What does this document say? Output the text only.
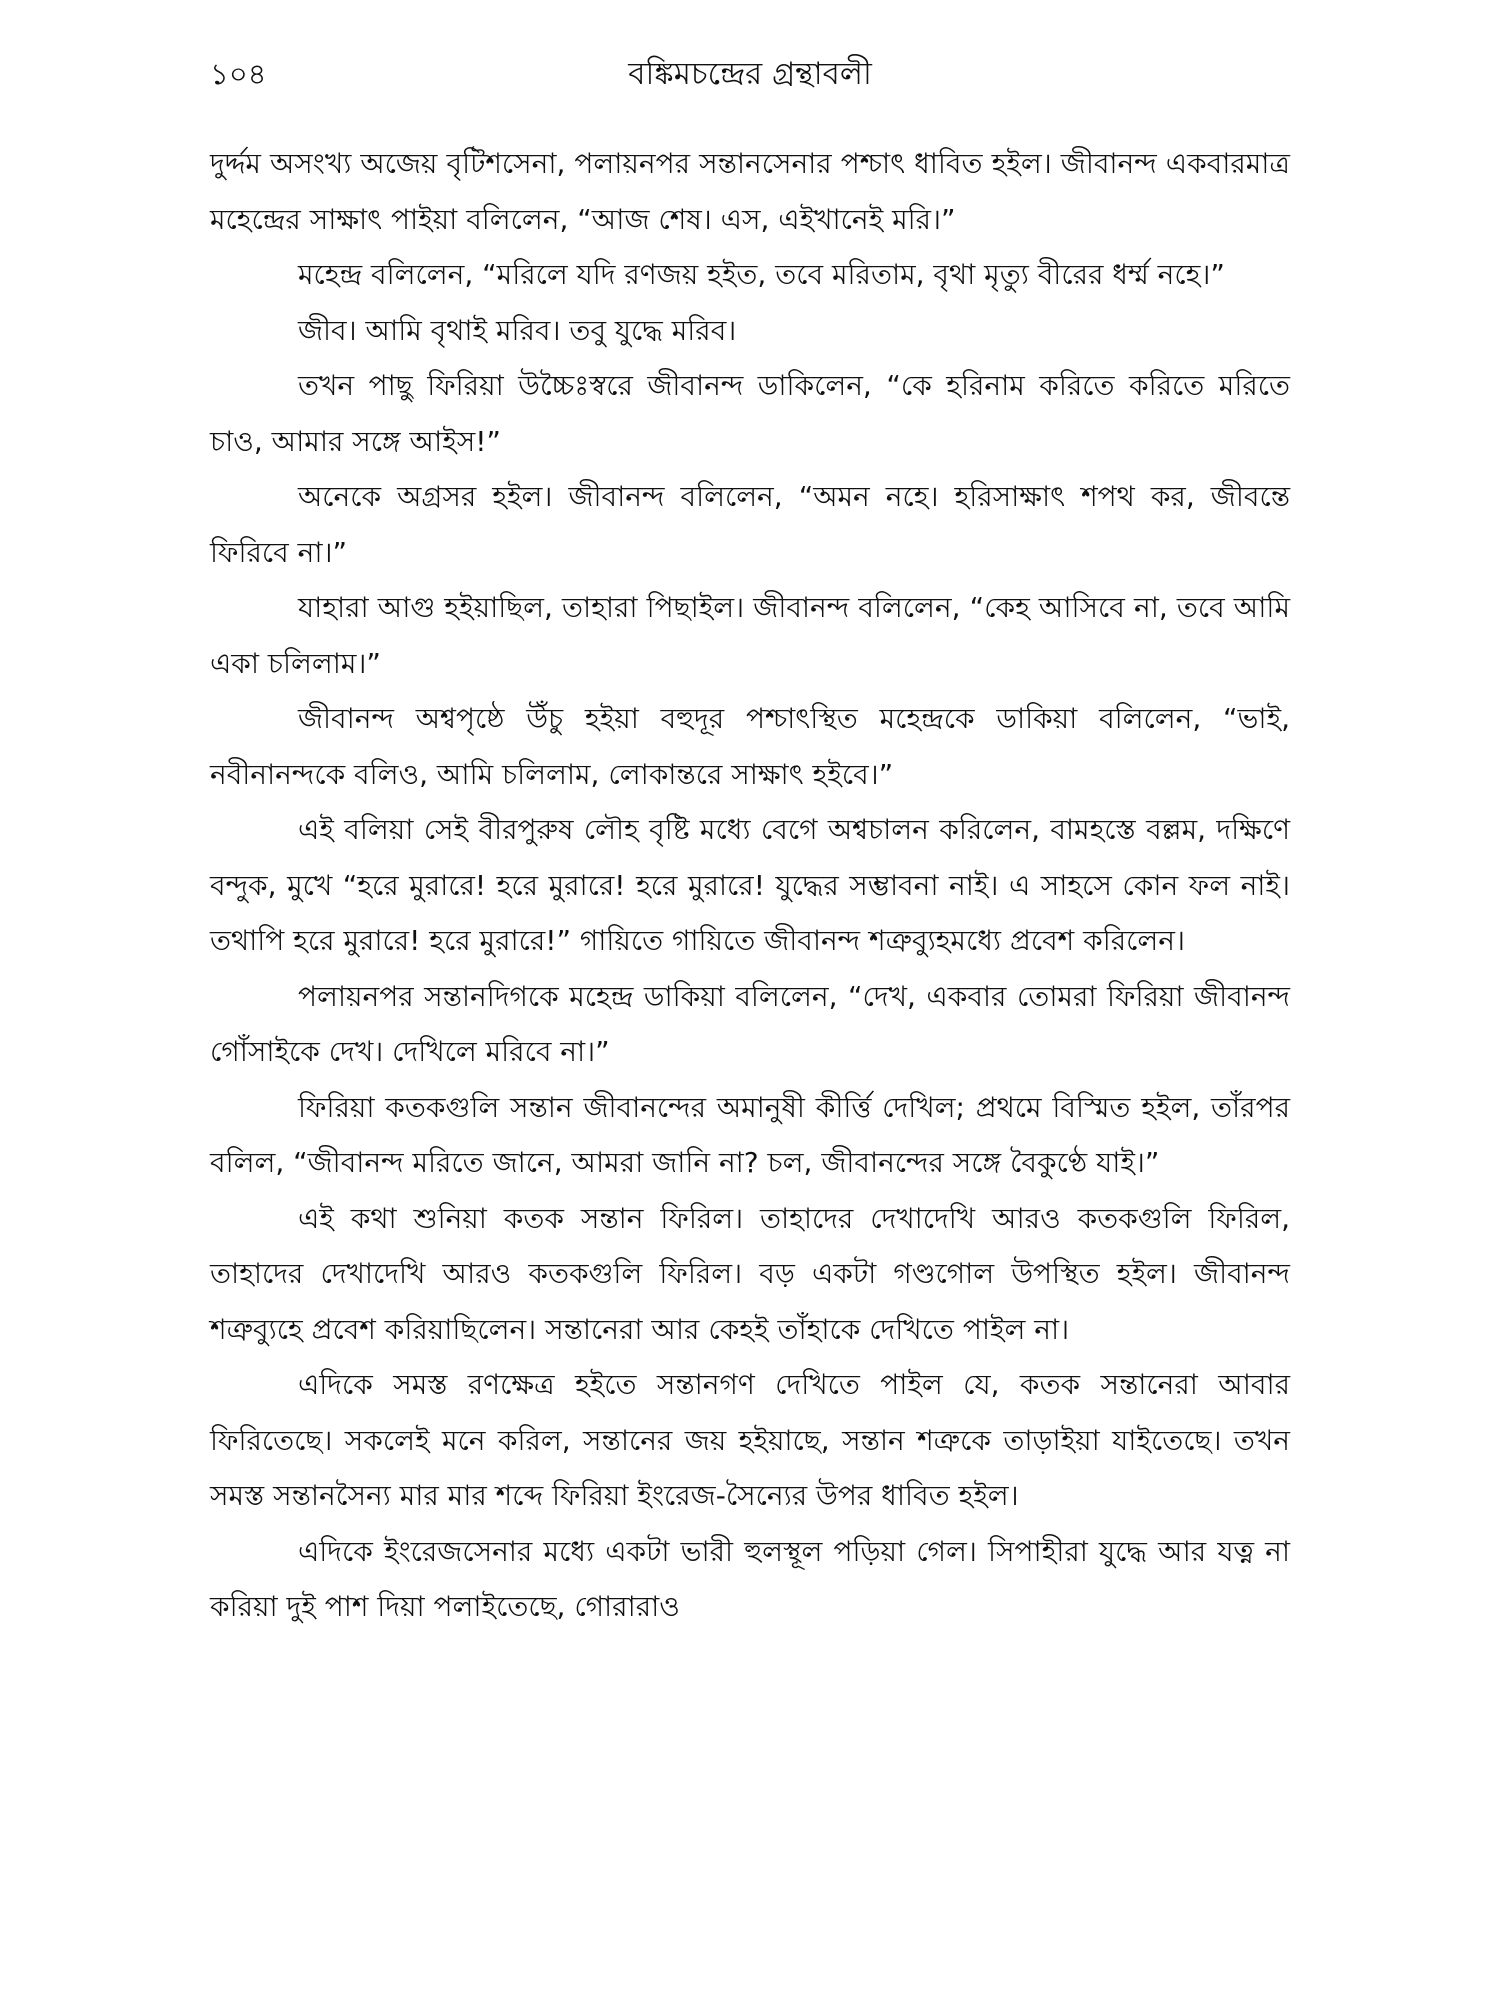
১০৪	বঙ্কিমচন্দ্রের গ্রন্থাবলী

দুর্দ্দম অসংখ্য অজেয় বৃটিশসেনা, পলায়নপর সন্তানসেনার পশ্চাৎ ধাবিত হইল। জীবানন্দ একবারমাত্র মহেন্দ্রের সাক্ষাৎ পাইয়া বলিলেন, “আজ শেষ। এস, এইখানেই মরি।”

মহেন্দ্র বলিলেন, “মরিলে যদি রণজয় হইত, তবে মরিতাম, বৃথা মৃত্যু বীরের ধর্ম্ম নহে।”

জীব। আমি বৃথাই মরিব। তবু যুদ্ধে মরিব।

তখন পাছু ফিরিয়া উচ্চৈঃস্বরে জীবানন্দ ডাকিলেন, “কে হরিনাম করিতে করিতে মরিতে চাও, আমার সঙ্গে আইস!”

অনেকে অগ্রসর হইল। জীবানন্দ বলিলেন, “অমন নহে। হরিসাক্ষাৎ শপথ কর, জীবন্তে ফিরিবে না।”

যাহারা আগু হইয়াছিল, তাহারা পিছাইল। জীবানন্দ বলিলেন, “কেহ আসিবে না, তবে আমি একা চলিলাম।”

জীবানন্দ অশ্বপৃষ্ঠে উঁচু হইয়া বহুদূর পশ্চাৎস্থিত মহেন্দ্রকে ডাকিয়া বলিলেন, “ভাই, নবীনানন্দকে বলিও, আমি চলিলাম, লোকান্তরে সাক্ষাৎ হইবে।”

এই বলিয়া সেই বীরপুরুষ লৌহ বৃষ্টি মধ্যে বেগে অশ্বচালন করিলেন, বামহস্তে বল্লম, দক্ষিণে বন্দুক, মুখে “হরে মুরারে! হরে মুরারে! হরে মুরারে! যুদ্ধের সম্ভাবনা নাই। এ সাহসে কোন ফল নাই। তথাপি হরে মুরারে! হরে মুরারে!” গায়িতে গায়িতে জীবানন্দ শত্রুব্যুহমধ্যে প্রবেশ করিলেন।

পলায়নপর সন্তানদিগকে মহেন্দ্র ডাকিয়া বলিলেন, “দেখ, একবার তোমরা ফিরিয়া জীবানন্দ গোঁসাইকে দেখ। দেখিলে মরিবে না।”

ফিরিয়া কতকগুলি সন্তান জীবানন্দের অমানুষী কীর্ত্তি দেখিল; প্রথমে বিস্মিত হইল, তাঁরপর বলিল, “জীবানন্দ মরিতে জানে, আমরা জানি না? চল, জীবানন্দের সঙ্গে বৈকুণ্ঠে যাই।”

এই কথা শুনিয়া কতক সন্তান ফিরিল। তাহাদের দেখাদেখি আরও কতকগুলি ফিরিল, তাহাদের দেখাদেখি আরও কতকগুলি ফিরিল। বড় একটা গণ্ডগোল উপস্থিত হইল। জীবানন্দ শত্রুব্যুহে প্রবেশ করিয়াছিলেন। সন্তানেরা আর কেহই তাঁহাকে দেখিতে পাইল না।

এদিকে সমস্ত রণক্ষেত্র হইতে সন্তানগণ দেখিতে পাইল যে, কতক সন্তানেরা আবার ফিরিতেছে। সকলেই মনে করিল, সন্তানের জয় হইয়াছে, সন্তান শত্রুকে তাড়াইয়া যাইতেছে। তখন সমস্ত সন্তানসৈন্য মার মার শব্দে ফিরিয়া ইংরেজ-সৈন্যের উপর ধাবিত হইল।

এদিকে ইংরেজসেনার মধ্যে একটা ভারী হুলস্থূল পড়িয়া গেল। সিপাহীরা যুদ্ধে আর যত্ন না করিয়া দুই পাশ দিয়া পলাইতেছে, গোরারাও
